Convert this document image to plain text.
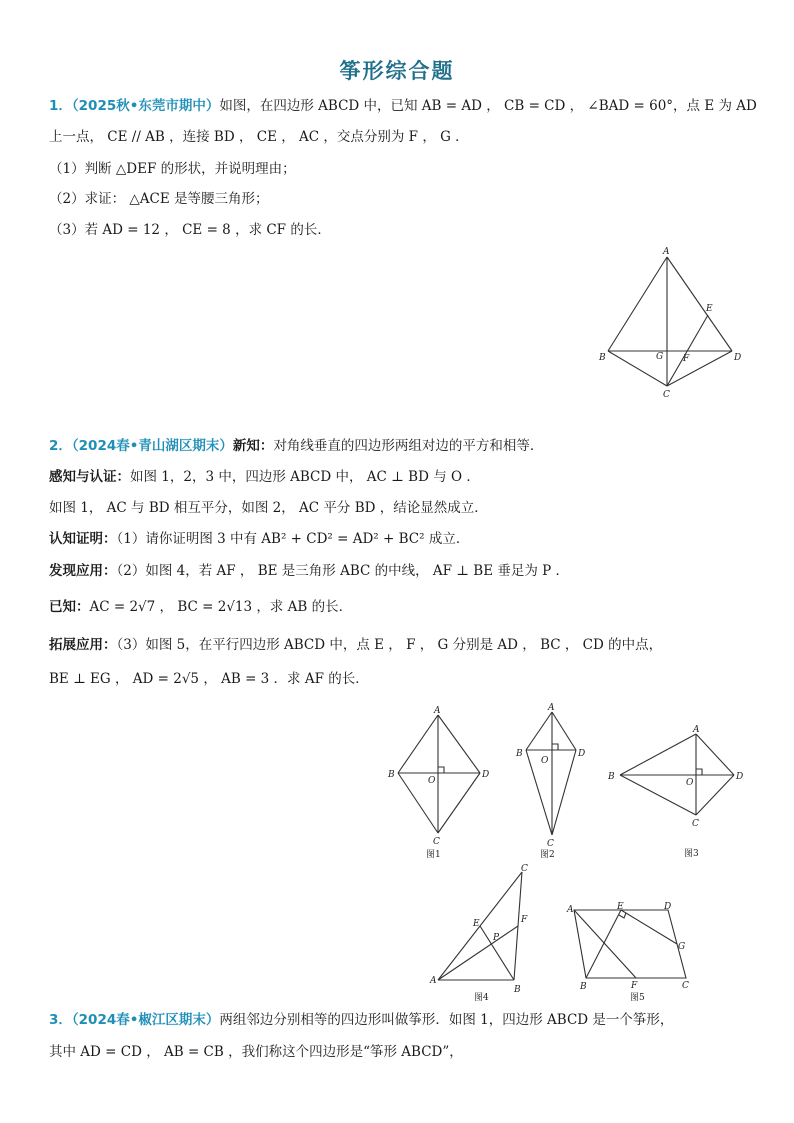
筝形综合题
1．（2025秋•东莞市期中）如图，在四边形 ABCD 中，已知 AB = AD ， CB = CD ， ∠BAD = 60°，点 E 为 AD
上一点， CE // AB ，连接 BD ， CE ， AC ，交点分别为 F ， G ．
（1）判断 △DEF 的形状，并说明理由；
（2）求证： △ACE 是等腰三角形；
（3）若 AD = 12 ， CE = 8 ，求 CF 的长．
A
B
C
D
E
F
G
2．（2024春•青山湖区期末）新知：对角线垂直的四边形两组对边的平方和相等．
感知与认证：如图 1，2，3 中，四边形 ABCD 中， AC ⊥ BD 与 O ．
如图 1， AC 与 BD 相互平分，如图 2， AC 平分 BD ，结论显然成立．
认知证明：（1）请你证明图 3 中有 AB² + CD² = AD² + BC² 成立．
发现应用：（2）如图 4，若 AF ， BE 是三角形 ABC 的中线， AF ⊥ BE 垂足为 P ．
已知：AC = 2√7 ， BC = 2√13 ，求 AB 的长．
拓展应用：（3）如图 5，在平行四边形 ABCD 中，点 E ， F ， G 分别是 AD ， BC ， CD 的中点，
BE ⊥ EG ， AD = 2√5 ， AB = 3 ．求 AF 的长．
A
B
C
D
O
图1
A
B
C
D
O
图2
A
B
C
D
O
图3
A
B
C
E	F
P
图4
A	E	D
G
B	F	C
图5
3．（2024春•椒江区期末）两组邻边分别相等的四边形叫做筝形．如图 1，四边形 ABCD 是一个筝形，
其中 AD = CD ， AB = CB ，我们称这个四边形是“筝形 ABCD”，
